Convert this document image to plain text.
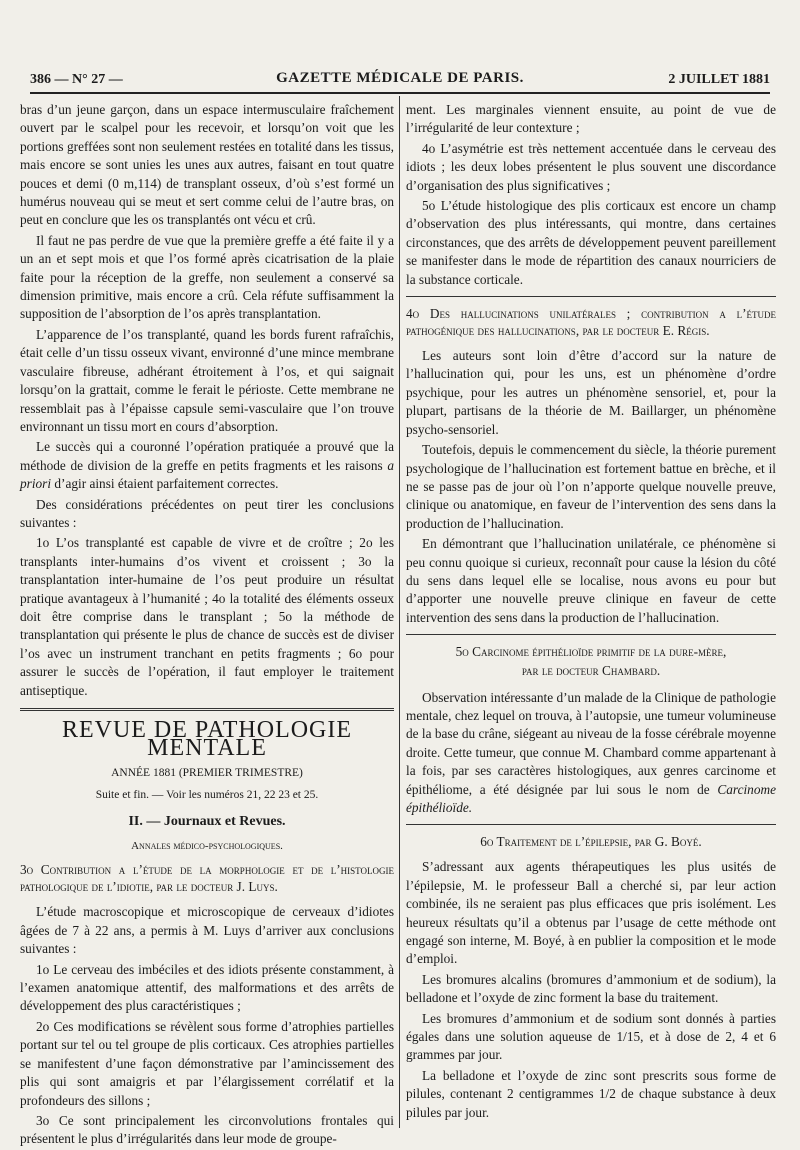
386 — N° 27 —	GAZETTE MÉDICALE DE PARIS.	2 JUILLET 1881

bras d’un jeune garçon, dans un espace intermusculaire fraîchement ouvert par le scalpel pour les recevoir, et lorsqu’on voit que les portions greffées sont non seulement restées en totalité dans les tissus, mais encore se sont unies les unes aux autres, faisant en tout quatre pouces et demi (0 m,114) de transplant osseux, d’où s’est formé un humérus nouveau qui se meut et sert comme celui de l’autre bras, on peut en conclure que les os transplantés ont vécu et crû.

Il faut ne pas perdre de vue que la première greffe a été faite il y a un an et sept mois et que l’os formé après cicatrisation de la plaie faite pour la réception de la greffe, non seulement a conservé sa dimension primitive, mais encore a crû. Cela réfute suffisamment la supposition de l’absorption de l’os après transplantation.

L’apparence de l’os transplanté, quand les bords furent rafraîchis, était celle d’un tissu osseux vivant, environné d’une mince membrane vasculaire fibreuse, adhérant étroitement à l’os, et qui saignait lorsqu’on la grattait, comme le ferait le périoste. Cette membrane ne ressemblait pas à l’épaisse capsule semi-vasculaire que l’on trouve environnant un tissu mort en cours d’absorption.

Le succès qui a couronné l’opération pratiquée a prouvé que la méthode de division de la greffe en petits fragments et les raisons a priori d’agir ainsi étaient parfaitement correctes.

Des considérations précédentes on peut tirer les conclusions suivantes :

1o L’os transplanté est capable de vivre et de croître ; 2o les transplants inter-humains d’os vivent et croissent ; 3o la transplantation inter-humaine de l’os peut produire un résultat pratique avantageux à l’humanité ; 4o la totalité des éléments osseux doit être comprise dans le transplant ; 5o la méthode de transplantation qui présente le plus de chance de succès est de diviser l’os avec un instrument tranchant en petits fragments ; 6o pour assurer le succès de l’opération, il faut employer le traitement antiseptique.

REVUE DE PATHOLOGIE MENTALE
ANNÉE 1881 (PREMIER TRIMESTRE)
Suite et fin. — Voir les numéros 21, 22 23 et 25.
II. — Journaux et Revues.
Annales médico-psychologiques.
3o Contribution a l’étude de la morphologie et de l’histologie pathologique de l’idiotie, par le docteur J. Luys.

L’étude macroscopique et microscopique de cerveaux d’idiotes âgées de 7 à 22 ans, a permis à M. Luys d’arriver aux conclusions suivantes :

1o Le cerveau des imbéciles et des idiots présente constamment, à l’examen anatomique attentif, des malformations et des arrêts de développement des plus caractéristiques ;

2o Ces modifications se révèlent sous forme d’atrophies partielles portant sur tel ou tel groupe de plis corticaux. Ces atrophies partielles se manifestent d’une façon démonstrative par l’amincissement des plis qui sont amaigris et par l’élargissement corrélatif et la profondeurs des sillons ;

3o Ce sont principalement les circonvolutions frontales qui présentent le plus d’irrégularités dans leur mode de groupe-

ment. Les marginales viennent ensuite, au point de vue de l’irrégularité de leur contexture ;

4o L’asymétrie est très nettement accentuée dans le cerveau des idiots ; les deux lobes présentent le plus souvent une discordance d’organisation des plus significatives ;

5o L’étude histologique des plis corticaux est encore un champ d’observation des plus intéressants, qui montre, dans certaines circonstances, que des arrêts de développement peuvent pareillement se manifester dans le mode de répartition des canaux nourriciers de la substance corticale.

4o Des hallucinations unilatérales ; contribution a l’étude pathogénique des hallucinations, par le docteur E. Régis.

Les auteurs sont loin d’être d’accord sur la nature de l’hallucination qui, pour les uns, est un phénomène d’ordre psychique, pour les autres un phénomène sensoriel, et, pour la plupart, partisans de la théorie de M. Baillarger, un phénomène psycho-sensoriel.

Toutefois, depuis le commencement du siècle, la théorie purement psychologique de l’hallucination est fortement battue en brèche, et il ne se passe pas de jour où l’on n’apporte quelque nouvelle preuve, clinique ou anatomique, en faveur de l’intervention des sens dans la production de l’hallucination.

En démontrant que l’hallucination unilatérale, ce phénomène si peu connu quoique si curieux, reconnaît pour cause la lésion du côté du sens dans lequel elle se localise, nous avons eu pour but d’apporter une nouvelle preuve clinique en faveur de cette intervention des sens dans la production de l’hallucination.

5o Carcinome épithélioïde primitif de la dure-mère,
par le docteur Chambard.

Observation intéressante d’un malade de la Clinique de pathologie mentale, chez lequel on trouva, à l’autopsie, une tumeur volumineuse de la base du crâne, siégeant au niveau de la fosse cérébrale moyenne droite. Cette tumeur, que connue M. Chambard comme appartenant à la fois, par ses caractères histologiques, aux genres carcinome et épithéliome, a été désignée par lui sous le nom de Carcinome épithélioïde.

6o Traitement de l’épilepsie, par G. Boyé.

S’adressant aux agents thérapeutiques les plus usités de l’épilepsie, M. le professeur Ball a cherché si, par leur action combinée, ils ne seraient pas plus efficaces que pris isolément. Les heureux résultats qu’il a obtenus par l’usage de cette méthode ont engagé son interne, M. Boyé, à en publier la composition et le mode d’emploi.

Les bromures alcalins (bromures d’ammonium et de sodium), la belladone et l’oxyde de zinc forment la base du traitement.

Les bromures d’ammonium et de sodium sont donnés à parties égales dans une solution aqueuse de 1/15, et à dose de 2, 4 et 6 grammes par jour.

La belladone et l’oxyde de zinc sont prescrits sous forme de pilules, contenant 2 centigrammes 1/2 de chaque substance à deux pilules par jour.
